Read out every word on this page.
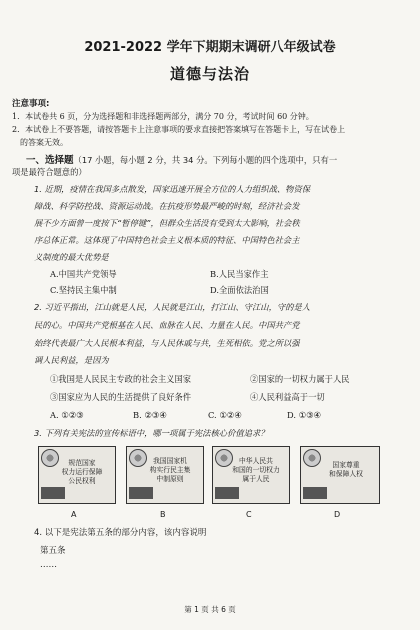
2021-2022 学年下期期末调研八年级试卷
道德与法治
注意事项:
1．本试卷共 6 页，分为选择题和非选择题两部分，满分 70 分，考试时间 60 分钟。
2．本试卷上不要答题，请按答题卡上注意事项的要求直接把答案填写在答题卡上，写在试卷上
的答案无效。
一、选择题（17 小题，每小题 2 分，共 34 分。下列每小题的四个选项中，只有一
项是最符合题意的）
1. 近期，疫情在我国多点散发，国家迅速开展全方位的人力组织战、物资保
障战、科学防控战、资源运动战。在抗疫形势最严峻的时刻，经济社会发
展不少方面曾一度按下“暂停键”，但群众生活没有受到太大影响，社会秩
序总体正常。这体现了中国特色社会主义根本质的特征、中国特色社会主
义制度的最大优势是
A.中国共产党领导	B.人民当家作主
C.坚持民主集中制	D.全面依法治国
2. 习近平指出，江山就是人民，人民就是江山，打江山、守江山，守的是人
民的心。中国共产党根基在人民、血脉在人民、力量在人民。中国共产党
始终代表最广大人民根本利益，与人民休戚与共，生死相依。党之所以强
调人民利益，是因为
①我国是人民民主专政的社会主义国家	②国家的一切权力属于人民
③国家应为人民的生活提供了良好条件	④人民利益高于一切
A. ①②③	B. ②③④	C. ①②④	D. ①③④
3. 下列有关宪法的宣传标语中，哪一项属于宪法核心价值追求？
规范国家
权力运行保障
公民权利
我国国家机
构实行民主集
中制原则
中华人民共
和国的一切权力
属于人民
国家尊重
和保障人权
A	B	C	D
4. 以下是宪法第五条的部分内容，该内容说明
第五条
……
第 1 页 共 6 页
